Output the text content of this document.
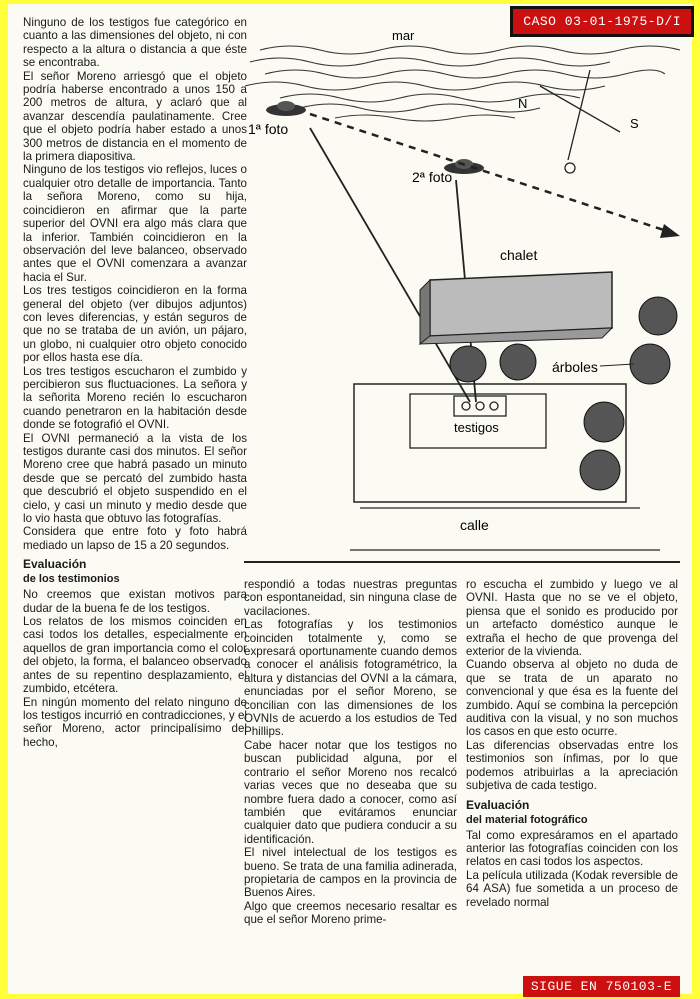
Ninguno de los testigos fue categórico en cuanto a las dimensiones del objeto, ni con respecto a la altura o distancia a que éste se encontraba.

El señor Moreno arriesgó que el objeto podría haberse encontrado a unos 150 a 200 metros de altura, y aclaró que al avanzar descendía paulatinamente. Cree que el objeto podría haber estado a unos 300 metros de distancia en el momento de la primera diapositiva.

Ninguno de los testigos vio reflejos, luces o cualquier otro detalle de importancia. Tanto la señora Moreno, como su hija, coincidieron en afirmar que la parte superior del OVNI era algo más clara que la inferior. También coincidieron en la observación del leve balanceo, observado antes que el OVNI comenzara a avanzar hacia el Sur.

Los tres testigos coincidieron en la forma general del objeto (ver dibujos adjuntos) con leves diferencias, y están seguros de que no se trataba de un avión, un pájaro, un globo, ni cualquier otro objeto conocido por ellos hasta ese día.

Los tres testigos escucharon el zumbido y percibieron sus fluctuaciones. La señora y la señorita Moreno recién lo escucharon cuando penetraron en la habitación desde donde se fotografió el OVNI.

El OVNI permaneció a la vista de los testigos durante casi dos minutos. El señor Moreno cree que habrá pasado un minuto desde que se percató del zumbido hasta que descubrió el objeto suspendido en el cielo, y casi un minuto y medio desde que lo vio hasta que obtuvo las fotografías.

Considera que entre foto y foto habrá mediado un lapso de 15 a 20 segundos.

Evaluación
de los testimonios

No creemos que existan motivos para dudar de la buena fe de los testigos.

Los relatos de los mismos coinciden en casi todos los detalles, especialmente en aquellos de gran importancia como el color del objeto, la forma, el balanceo observado antes de su repentino desplazamiento, el zumbido, etcétera.

En ningún momento del relato ninguno de los testigos incurrió en contradicciones, y el señor Moreno, actor principalísimo del hecho,

mar
N
S
1ª foto
2ª foto
chalet
árboles
testigos
calle

respondió a todas nuestras preguntas con espontaneidad, sin ninguna clase de vacilaciones.

Las fotografías y los testimonios coinciden totalmente y, como se expresará oportunamente cuando demos a conocer el análisis fotogramétrico, la altura y distancias del OVNI a la cámara, enunciadas por el señor Moreno, se concilian con las dimensiones de los OVNIs de acuerdo a los estudios de Ted Phillips.

Cabe hacer notar que los testigos no buscan publicidad alguna, por el contrario el señor Moreno nos recalcó varias veces que no deseaba que su nombre fuera dado a conocer, como así también que evitáramos enunciar cualquier dato que pudiera conducir a su identificación.

El nivel intelectual de los testigos es bueno. Se trata de una familia adinerada, propietaria de campos en la provincia de Buenos Aires.

Algo que creemos necesario resaltar es que el señor Moreno prime-

ro escucha el zumbido y luego ve al OVNI. Hasta que no se ve el objeto, piensa que el sonido es producido por un artefacto doméstico aunque le extraña el hecho de que provenga del exterior de la vivienda.

Cuando observa al objeto no duda de que se trata de un aparato no convencional y que ésa es la fuente del zumbido. Aquí se combina la percepción auditiva con la visual, y no son muchos los casos en que esto ocurre.

Las diferencias observadas entre los testimonios son ínfimas, por lo que podemos atribuirlas a la apreciación subjetiva de cada testigo.

Evaluación
del material fotográfico

Tal como expresáramos en el apartado anterior las fotografías coinciden con los relatos en casi todos los aspectos.

La película utilizada (Kodak reversible de 64 ASA) fue sometida a un proceso de revelado normal

CASO 03-01-1975-D/I
SIGUE EN 750103-E
